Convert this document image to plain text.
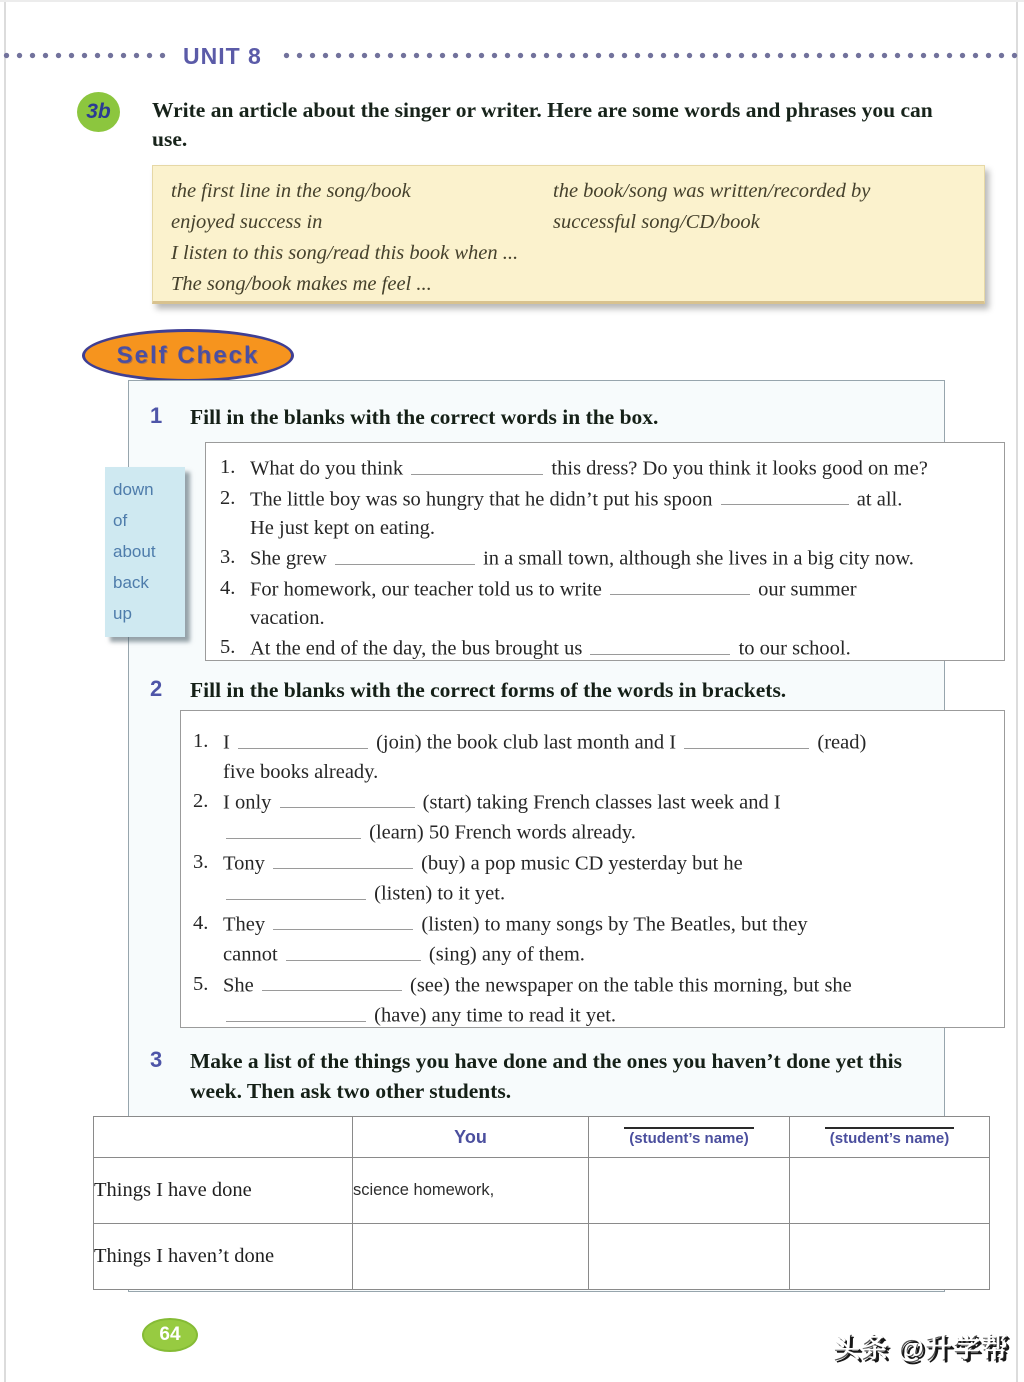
UNIT 8
3b	Write an article about the singer or writer. Here are some words and phrases you can use.
the first line in the song/book
enjoyed success in
the book/song was written/recorded by
successful song/CD/book
I listen to this song/read this book when ...
The song/book makes me feel ...
Self Check
1 Fill in the blanks with the correct words in the box.
1. What do you think	this dress? Do you think it looks good on me?
2. The little boy was so hungry that he didn’t put his spoon	at all.
He just kept on eating.
3. She grew	in a small town, although she lives in a big city now.
4. For homework, our teacher told us to write	our summer
vacation.
5. At the end of the day, the bus brought us	to our school.
down
of
about
back
up
2 Fill in the blanks with the correct forms of the words in brackets.
1. I	(join) the book club last month and I	(read)
five books already.
2. I only	(start) taking French classes last week and I
(learn) 50 French words already.
3. Tony	(buy) a pop music CD yesterday but he
(listen) to it yet.
4. They	(listen) to many songs by The Beatles, but they
cannot	(sing) any of them.
5. She	(see) the newspaper on the table this morning, but she
(have) any time to read it yet.
3 Make a list of the things you have done and the ones you haven’t done yet this week. Then ask two other students.
	You	(student’s name)	(student’s name)
Things I have done	science homework,		
Things I haven’t done			
64	头条 @升学帮
